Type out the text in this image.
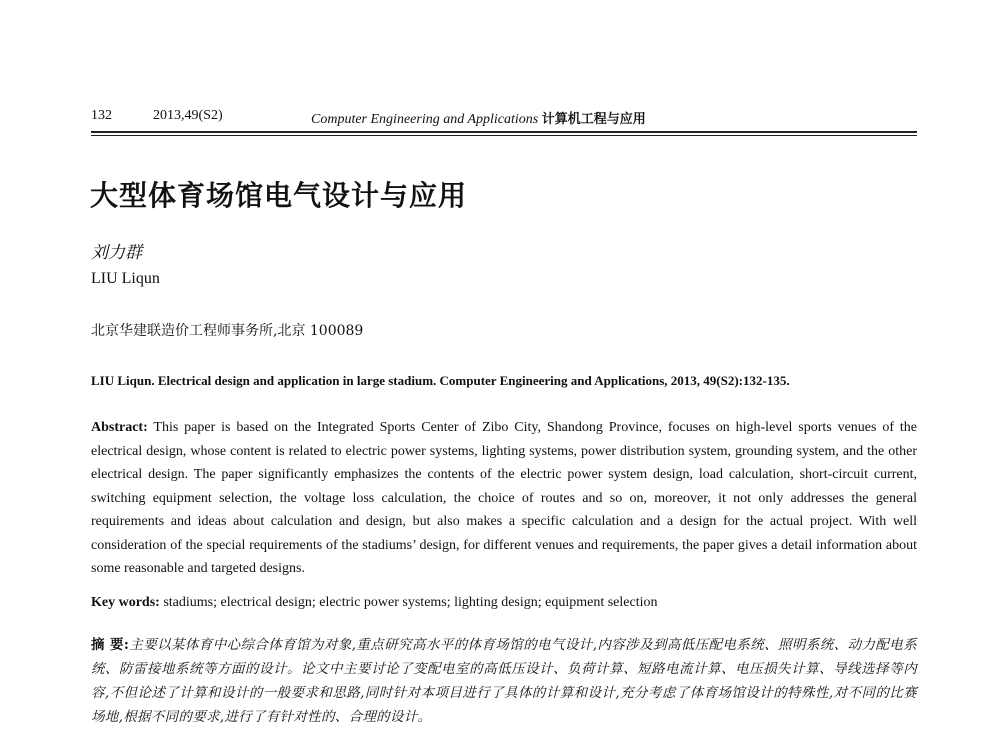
132	2013,49(S2)	Computer Engineering and Applications 计算机工程与应用
大型体育场馆电气设计与应用
刘力群
LIU Liqun
北京华建联造价工程师事务所,北京 100089
LIU Liqun. Electrical design and application in large stadium. Computer Engineering and Applications, 2013, 49(S2):132-135.
Abstract: This paper is based on the Integrated Sports Center of Zibo City, Shandong Province, focuses on high-level sports venues of the electrical design, whose content is related to electric power systems, lighting systems, power distribution system, grounding system, and the other electrical design. The paper significantly emphasizes the contents of the electric power system design, load calculation, short-circuit current, switching equipment selection, the voltage loss calculation, the choice of routes and so on, moreover, it not only addresses the general requirements and ideas about calculation and design, but also makes a specific calculation and a design for the actual project. With well consideration of the special requirements of the stadiums’ design, for different venues and requirements, the paper gives a detail information about some reasonable and targeted designs.
Key words: stadiums; electrical design; electric power systems; lighting design; equipment selection
摘 要:主要以某体育中心综合体育馆为对象,重点研究高水平的体育场馆的电气设计,内容涉及到高低压配电系统、照明系统、动力配电系统、防雷接地系统等方面的设计。论文中主要讨论了变配电室的高低压设计、负荷计算、短路电流计算、电压损失计算、导线选择等内容,不但论述了计算和设计的一般要求和思路,同时针对本项目进行了具体的计算和设计,充分考虑了体育场馆设计的特殊性,对不同的比赛场地,根据不同的要求,进行了有针对性的、合理的设计。
